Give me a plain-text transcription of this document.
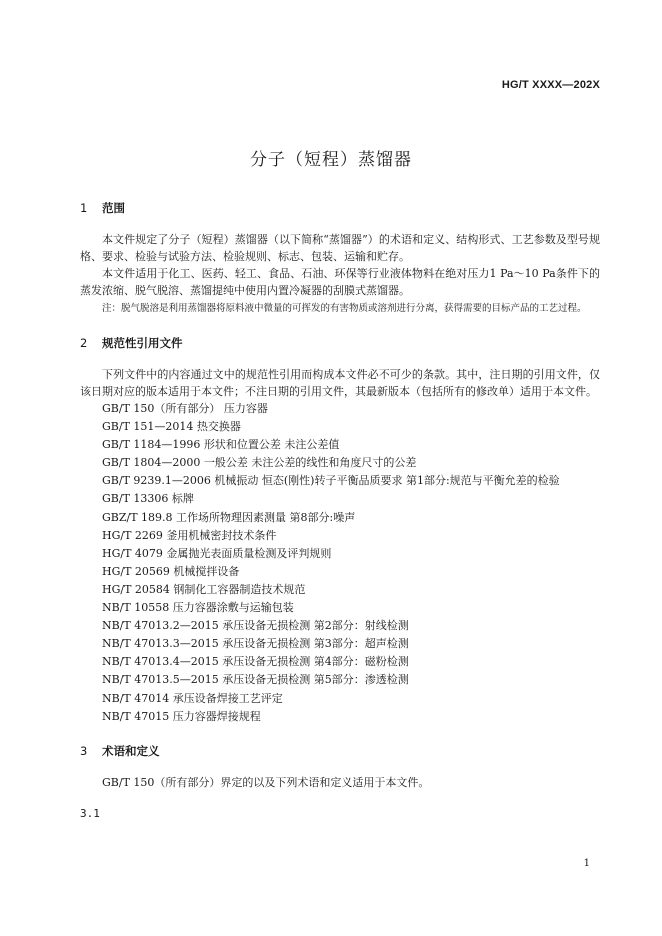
HG/T XXXX—202X
分子（短程）蒸馏器
1 范围
本文件规定了分子（短程）蒸馏器（以下简称“蒸馏器”）的术语和定义、结构形式、工艺参数及型号规格、要求、检验与试验方法、检验规则、标志、包装、运输和贮存。
本文件适用于化工、医药、轻工、食品、石油、环保等行业液体物料在绝对压力1 Pa～10 Pa条件下的蒸发浓缩、脱气脱溶、蒸馏提纯中使用内置冷凝器的刮膜式蒸馏器。
注：脱气脱溶是利用蒸馏器将原料液中微量的可挥发的有害物质或溶剂进行分离，获得需要的目标产品的工艺过程。
2 规范性引用文件
下列文件中的内容通过文中的规范性引用而构成本文件必不可少的条款。其中，注日期的引用文件，仅该日期对应的版本适用于本文件；不注日期的引用文件，其最新版本（包括所有的修改单）适用于本文件。
GB/T 150（所有部分） 压力容器
GB/T 151—2014 热交换器
GB/T 1184—1996 形状和位置公差 未注公差值
GB/T 1804—2000 一般公差 未注公差的线性和角度尺寸的公差
GB/T 9239.1—2006 机械振动 恒态(刚性)转子平衡品质要求 第1部分:规范与平衡允差的检验
GB/T 13306 标牌
GBZ/T 189.8 工作场所物理因素测量 第8部分:噪声
HG/T 2269 釜用机械密封技术条件
HG/T 4079 金属抛光表面质量检测及评判规则
HG/T 20569 机械搅拌设备
HG/T 20584 钢制化工容器制造技术规范
NB/T 10558 压力容器涂敷与运输包装
NB/T 47013.2—2015 承压设备无损检测 第2部分：射线检测
NB/T 47013.3—2015 承压设备无损检测 第3部分：超声检测
NB/T 47013.4—2015 承压设备无损检测 第4部分：磁粉检测
NB/T 47013.5—2015 承压设备无损检测 第5部分：渗透检测
NB/T 47014 承压设备焊接工艺评定
NB/T 47015 压力容器焊接规程
3 术语和定义
GB/T 150（所有部分）界定的以及下列术语和定义适用于本文件。
3.1
1
